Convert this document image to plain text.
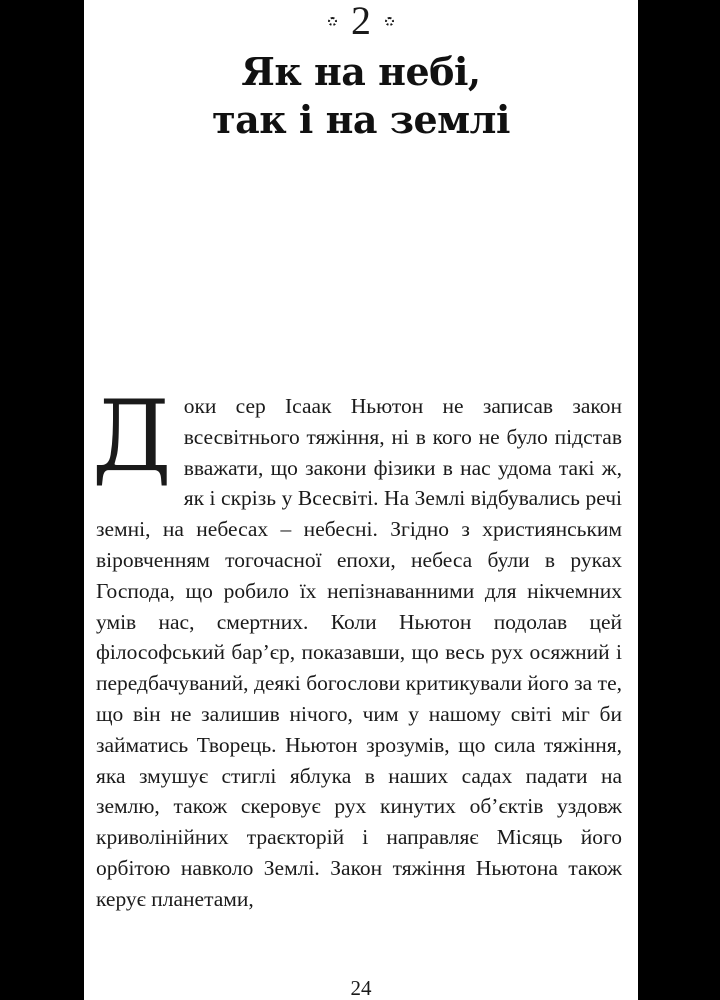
2
Як на небі,
так і на землі

Д оки сер Ісаак Ньютон не записав закон всесвітнього тяжіння, ні в кого не було підстав вважати, що закони фізики в нас удома такі ж, як і скрізь у Всесвіті. На Землі відбувались речі земні, на небесах – небесні. Згідно з християнським віровченням тогочасної епохи, небеса були в руках Господа, що робило їх непізнаванними для нікчемних умів нас, смертних. Коли Ньютон подолав цей філософський бар’єр, показавши, що весь рух осяжний і передбачуваний, деякі богослови критикували його за те, що він не залишив нічого, чим у нашому світі міг би займатись Творець. Ньютон зрозумів, що сила тяжіння, яка змушує стиглі яблука в наших садах падати на землю, також скеровує рух кинутих об’єктів уздовж криволінійних траєкторій і направляє Місяць його орбітою навколо Землі. Закон тяжіння Ньютона також керує планетами,

24
